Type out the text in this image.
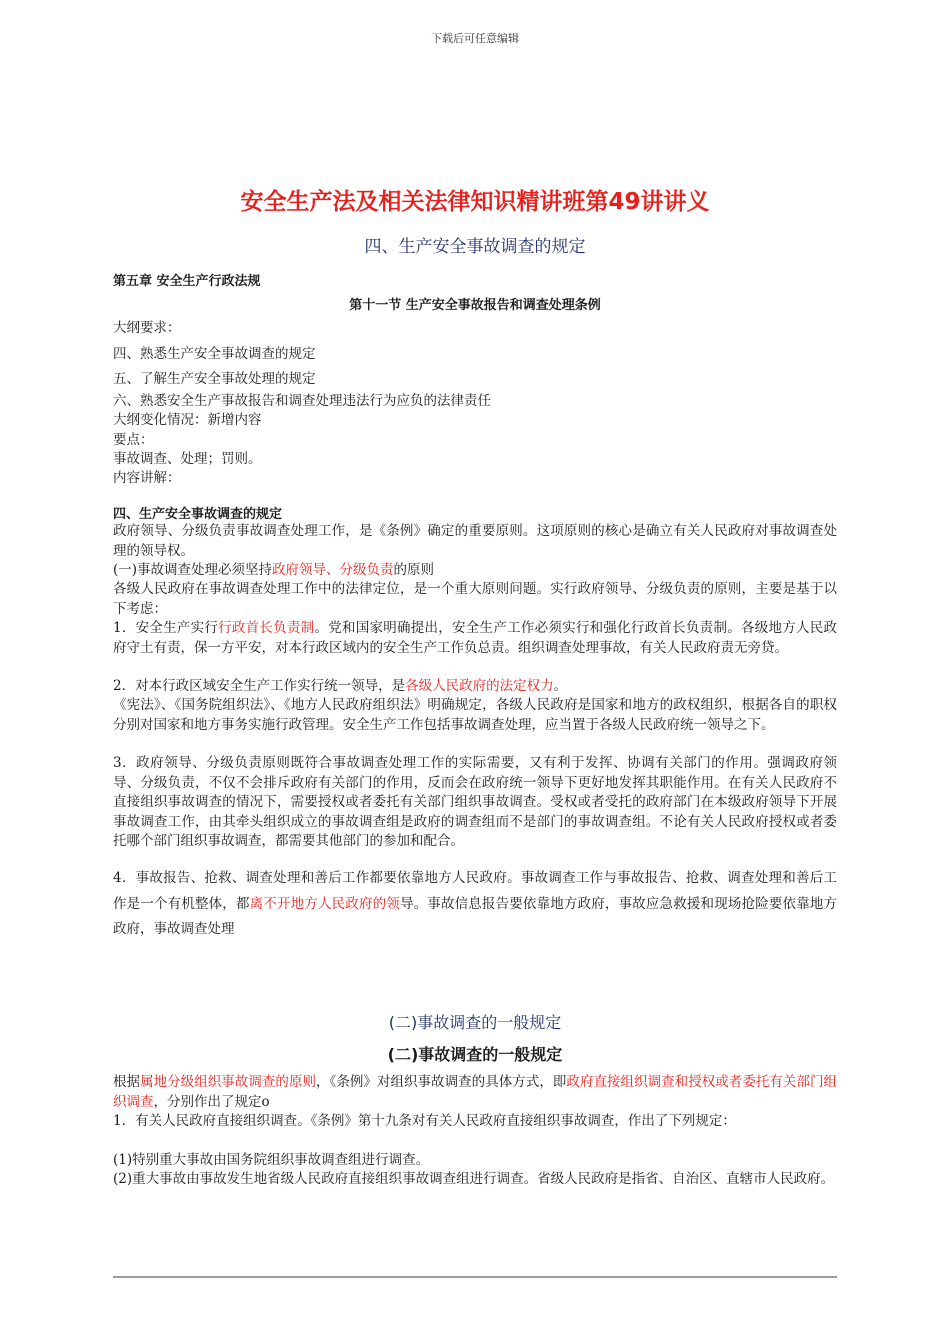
下载后可任意编辑
安全生产法及相关法律知识精讲班第49讲讲义
四、生产安全事故调查的规定
第五章 安全生产行政法规
第十一节 生产安全事故报告和调查处理条例
大纲要求：
四、熟悉生产安全事故调查的规定
五、了解生产安全事故处理的规定
六、熟悉安全生产事故报告和调查处理违法行为应负的法律责任
大纲变化情况：新增内容
要点：
事故调查、处理；罚则。
内容讲解：
四、生产安全事故调查的规定
政府领导、分级负责事故调查处理工作，是《条例》确定的重要原则。这项原则的核心是确立有关人民政府对事故调查处理的领导权。
(一)事故调查处理必须坚持政府领导、分级负责的原则
各级人民政府在事故调查处理工作中的法律定位，是一个重大原则问题。实行政府领导、分级负责的原则，主要是基于以下考虑：
1．安全生产实行行政首长负责制。党和国家明确提出，安全生产工作必须实行和强化行政首长负责制。各级地方人民政府守土有责，保一方平安，对本行政区域内的安全生产工作负总责。组织调查处理事故，有关人民政府责无旁贷。
2．对本行政区域安全生产工作实行统一领导，是各级人民政府的法定权力。
《宪法》、《国务院组织法》、《地方人民政府组织法》明确规定，各级人民政府是国家和地方的政权组织，根据各自的职权分别对国家和地方事务实施行政管理。安全生产工作包括事故调查处理，应当置于各级人民政府统一领导之下。
3．政府领导、分级负责原则既符合事故调查处理工作的实际需要，又有利于发挥、协调有关部门的作用。强调政府领导、分级负责，不仅不会排斥政府有关部门的作用，反而会在政府统一领导下更好地发挥其职能作用。在有关人民政府不直接组织事故调查的情况下，需要授权或者委托有关部门组织事故调查。受权或者受托的政府部门在本级政府领导下开展事故调查工作，由其牵头组织成立的事故调查组是政府的调查组而不是部门的事故调查组。不论有关人民政府授权或者委托哪个部门组织事故调查，都需要其他部门的参加和配合。
4．事故报告、抢救、调查处理和善后工作都要依靠地方人民政府。事故调查工作与事故报告、抢救、调查处理和善后工作是一个有机整体，都离不开地方人民政府的领导。事故信息报告要依靠地方政府，事故应急救援和现场抢险要依靠地方政府，事故调查处理
(二)事故调查的一般规定
(二)事故调查的一般规定
根据属地分级组织事故调查的原则，《条例》对组织事故调查的具体方式，即政府直接组织调查和授权或者委托有关部门组织调查，分别作出了规定o
1．有关人民政府直接组织调查。《条例》第十九条对有关人民政府直接组织事故调查，作出了下列规定：
(1)特别重大事故由国务院组织事故调查组进行调查。
(2)重大事故由事故发生地省级人民政府直接组织事故调查组进行调查。省级人民政府是指省、自治区、直辖市人民政府。
